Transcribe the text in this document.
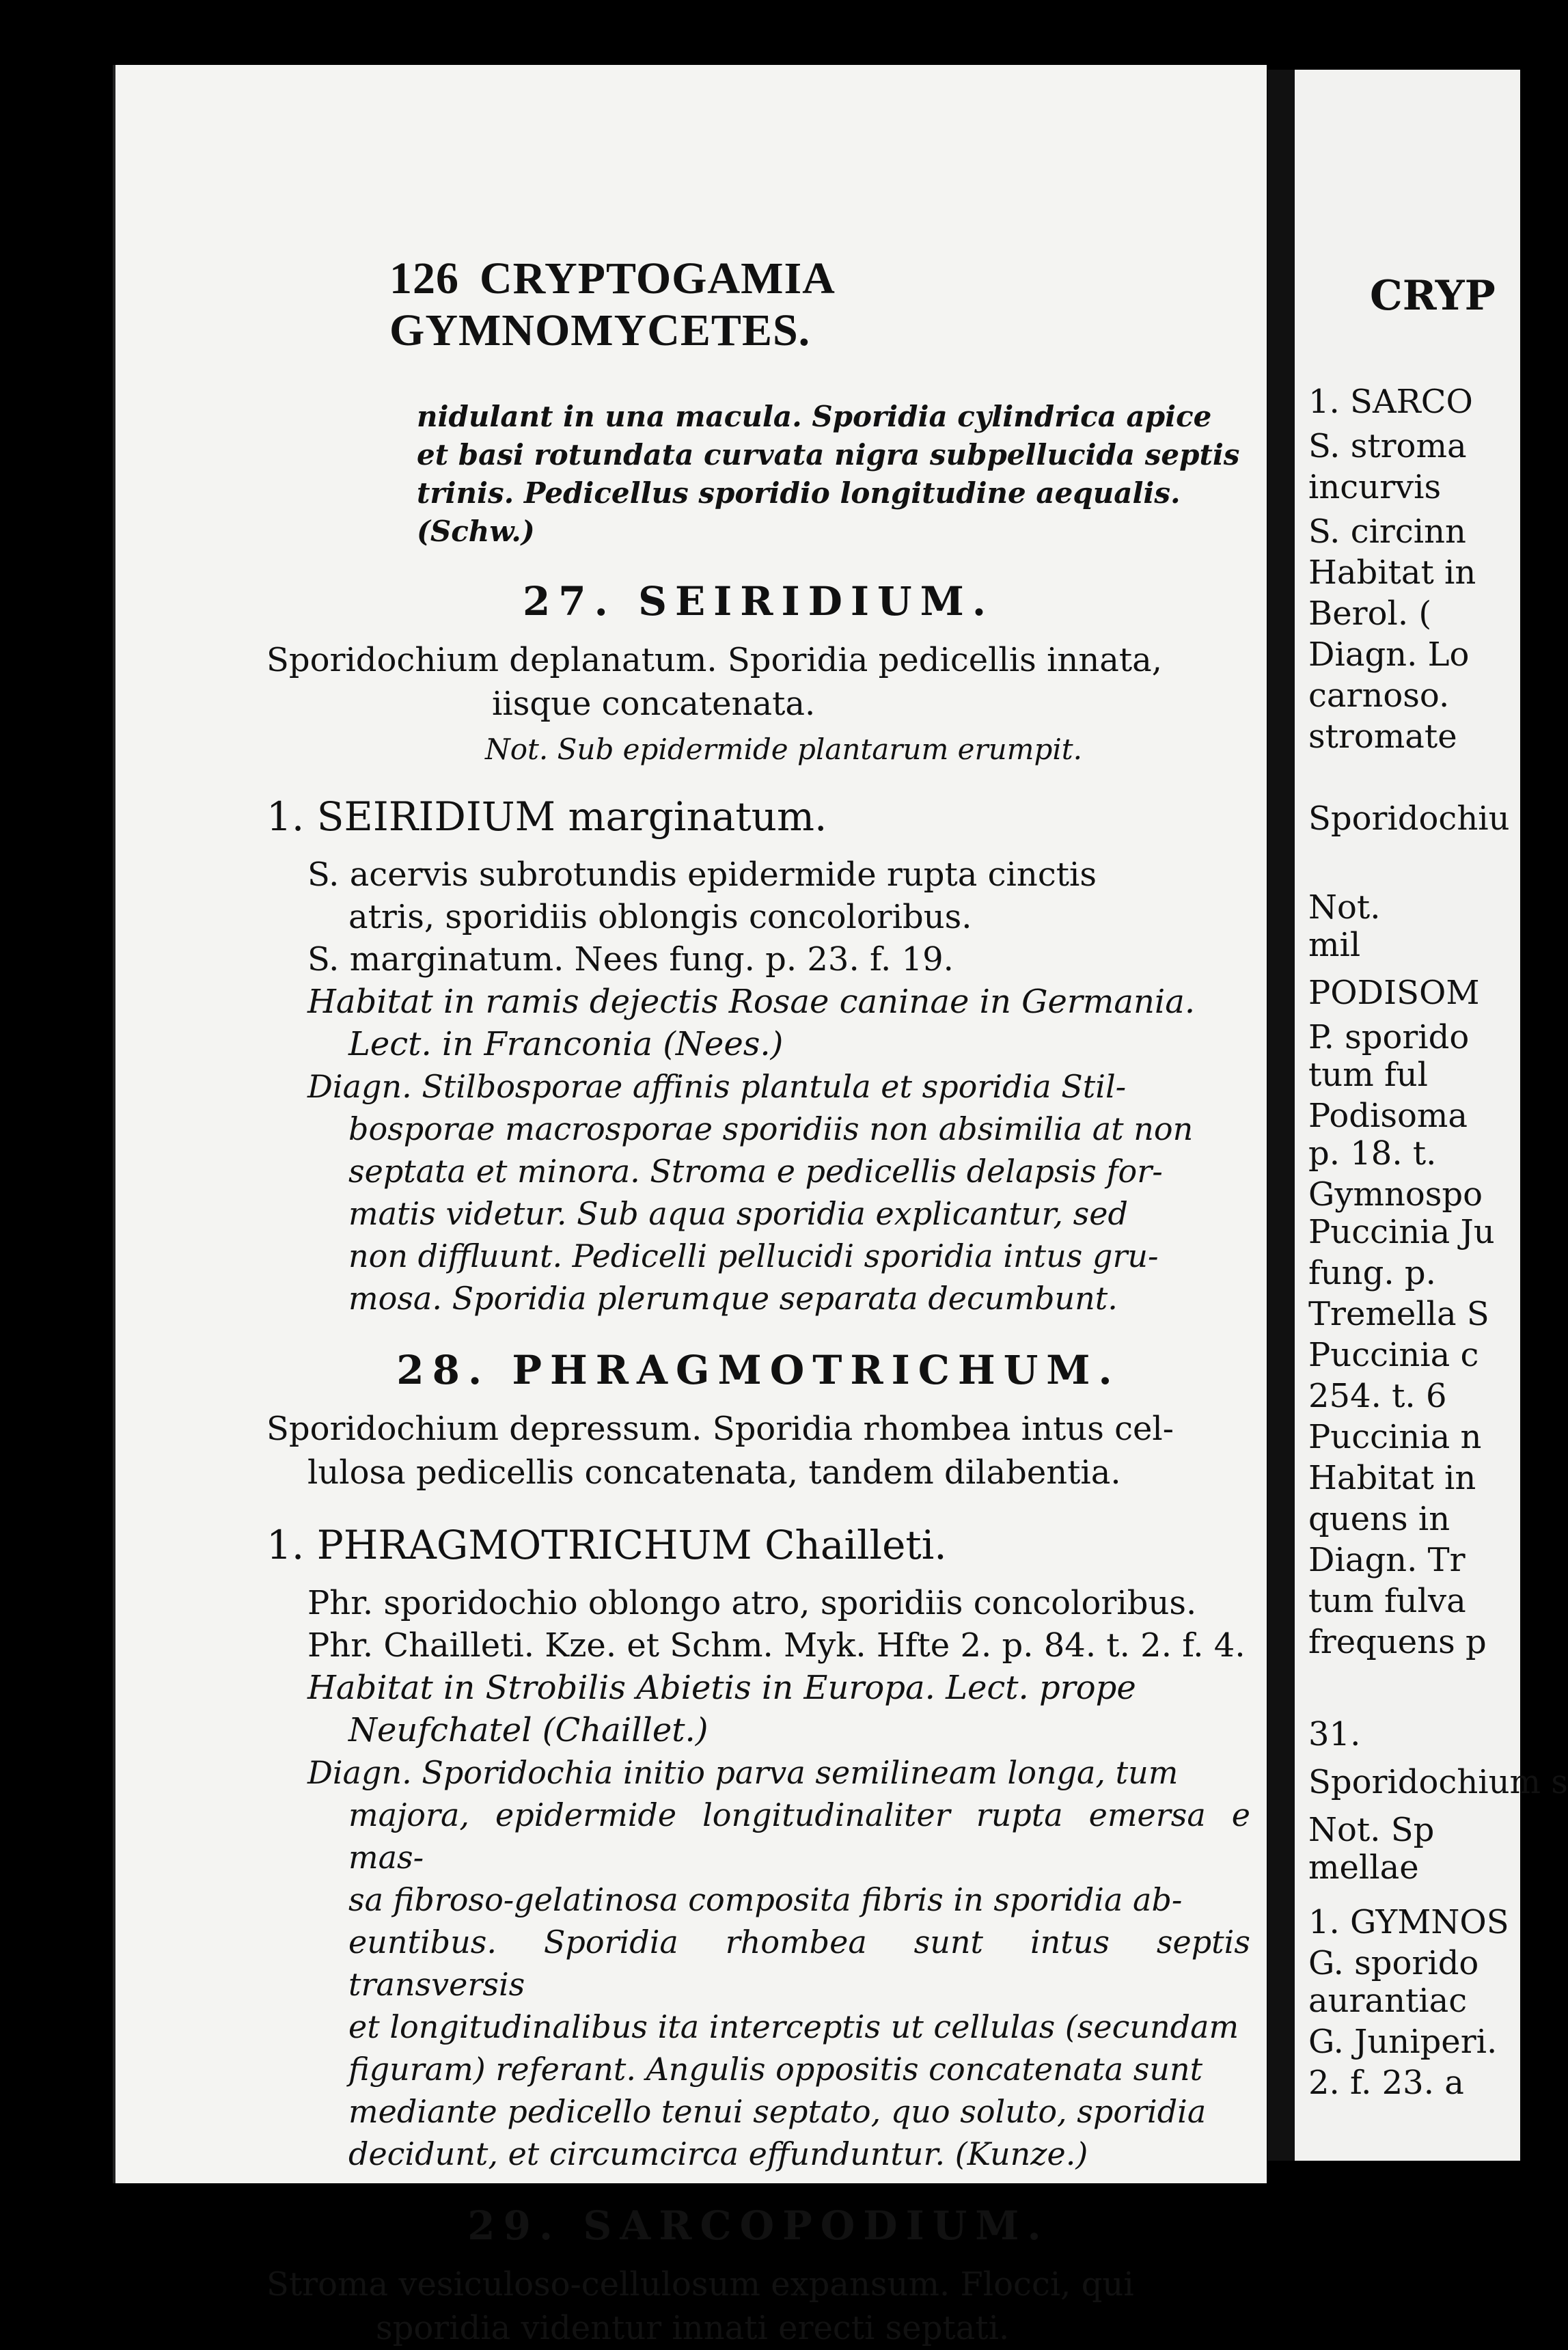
CRYP
1. SARCO
S. stroma
incurvis
S. circinn
Habitat in
Berol. (
Diagn. Lo
carnoso.
stromate
Sporidochiu
Not.
mil
PODISOM
P. sporido
tum ful
Podisoma
p. 18. t.
Gymnospo
Puccinia Ju
fung. p.
Tremella S
Puccinia c
254. t. 6
Puccinia n
Habitat in
quens in
Diagn. Tr
tum fulva
frequens p
31.
Sporidochium s
Not. Sp
mellae
1. GYMNOS
G. sporido
aurantiac
G. Juniperi.
2. f. 23. a
126 CRYPTOGAMIA GYMNOMYCETES.

nidulant in una macula. Sporidia cylindrica apice

et basi rotundata curvata nigra subpellucida septis

trinis. Pedicellus sporidio longitudine aequalis.

(Schw.)

27. SEIRIDIUM.

Sporidochium deplanatum. Sporidia pedicellis innata,

iisque concatenata.

Not. Sub epidermide plantarum erumpit.

1. SEIRIDIUM marginatum.

S. acervis subrotundis epidermide rupta cinctis

atris, sporidiis oblongis concoloribus.

S. marginatum. Nees fung. p. 23. f. 19.

Habitat in ramis dejectis Rosae caninae in Germania.

Lect. in Franconia (Nees.)

Diagn. Stilbosporae affinis plantula et sporidia Stil-

bosporae macrosporae sporidiis non absimilia at non

septata et minora. Stroma e pedicellis delapsis for-

matis videtur. Sub aqua sporidia explicantur, sed

non diffluunt. Pedicelli pellucidi sporidia intus gru-

mosa. Sporidia plerumque separata decumbunt.

28. PHRAGMOTRICHUM.

Sporidochium depressum. Sporidia rhombea intus cel-

lulosa pedicellis concatenata, tandem dilabentia.

1. PHRAGMOTRICHUM Chailleti.

Phr. sporidochio oblongo atro, sporidiis concoloribus.

Phr. Chailleti. Kze. et Schm. Myk. Hfte 2. p. 84. t. 2. f. 4.

Habitat in Strobilis Abietis in Europa. Lect. prope

Neufchatel (Chaillet.)

Diagn. Sporidochia initio parva semilineam longa, tum

majora, epidermide longitudinaliter rupta emersa e mas-

sa fibroso-gelatinosa composita fibris in sporidia ab-

euntibus. Sporidia rhombea sunt intus septis transversis

et longitudinalibus ita interceptis ut cellulas (secundam

figuram) referant. Angulis oppositis concatenata sunt

mediante pedicello tenui septato, quo soluto, sporidia

decidunt, et circumcirca effunduntur. (Kunze.)

29. SARCOPODIUM.

Stroma vesiculoso-cellulosum expansum. Flocci, qui

sporidia videntur innati erecti septati.
